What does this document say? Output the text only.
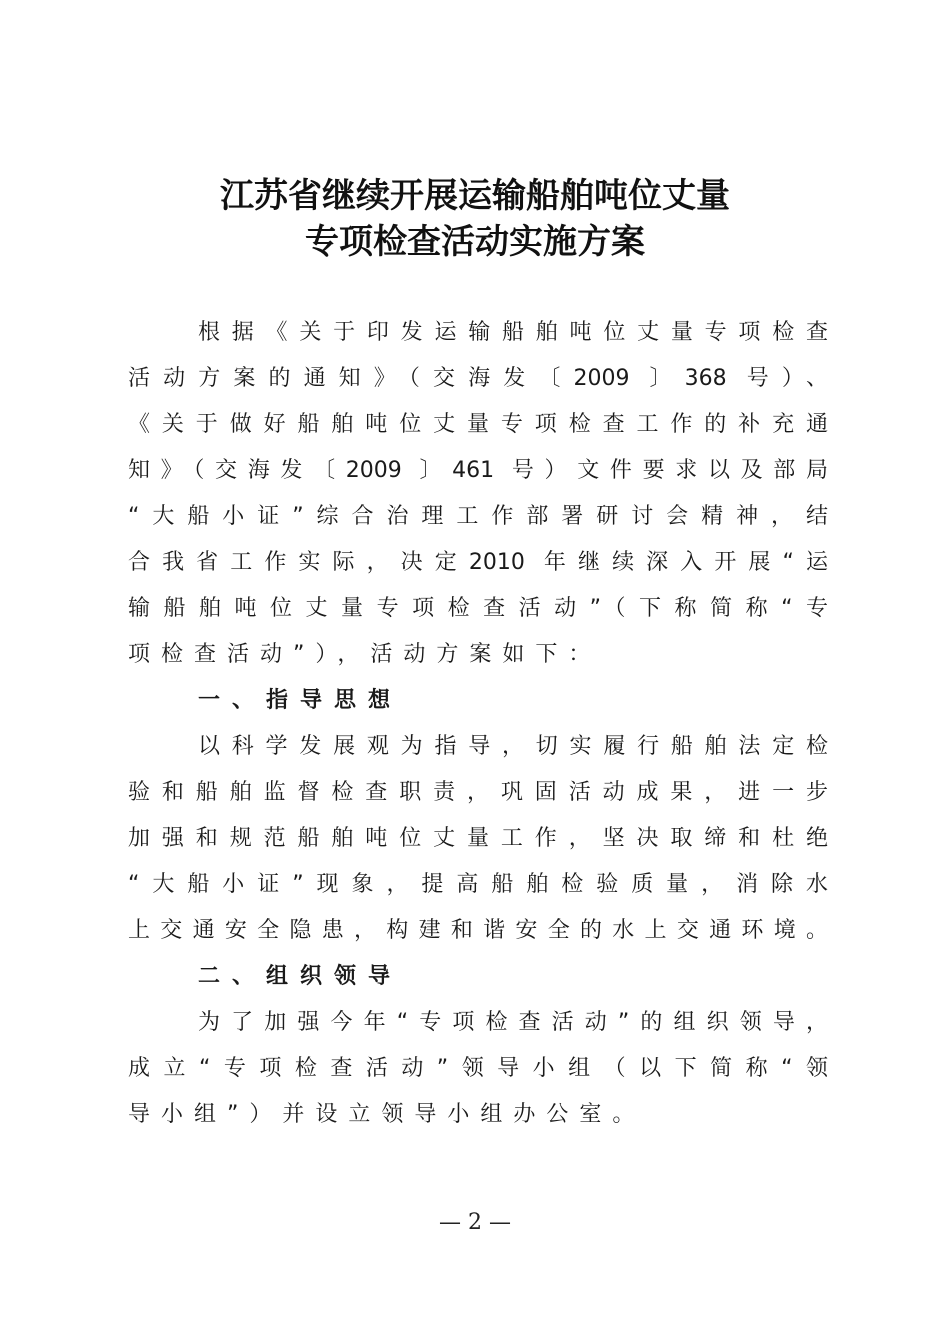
江苏省继续开展运输船舶吨位丈量
专项检查活动实施方案
根据《关于印发运输船舶吨位丈量专项检查
活动方案的通知》（交海发〔2009 〕368 号）、
《关于做好船舶吨位丈量专项检查工作的补充通
知》（交海发〔2009 〕461 号）文件要求以及部局
“大船小证”综合治理工作部署研讨会精神，结
合我省工作实际，决定2010 年继续深入开展“运
输船舶吨位丈量专项检查活动”（下称简称“专
项检查活动”），活动方案如下：
一、指导思想
以科学发展观为指导，切实履行船舶法定检
验和船舶监督检查职责，巩固活动成果，进一步
加强和规范船舶吨位丈量工作，坚决取缔和杜绝
“大船小证”现象，提高船舶检验质量，消除水
上交通安全隐患，构建和谐安全的水上交通环境。
二、组织领导
为了加强今年“专项检查活动”的组织领导，
成立“专项检查活动”领导小组（以下简称“领
导小组”）并设立领导小组办公室。
— 2 —
